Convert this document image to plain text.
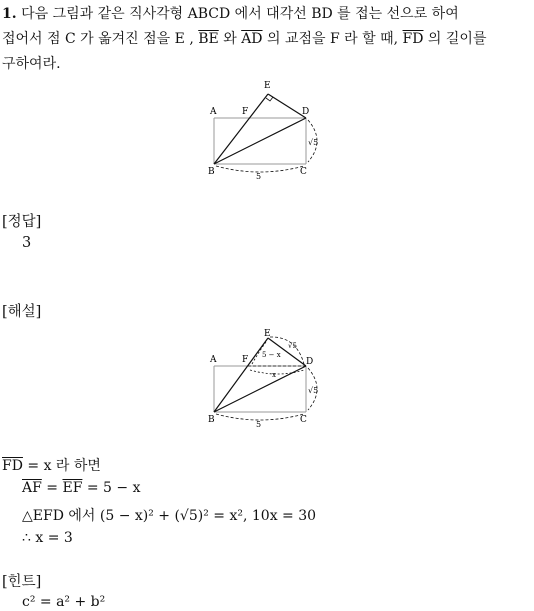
1. 다음 그림과 같은 직사각형 ABCD 에서 대각선 BD 를 접는 선으로 하여
접어서 점 C 가 옮겨진 점을 E , $\overline{BE}$ 와 $\overline{AD}$ 의 교점을 F 라 할 때, $\overline{FD}$ 의 길이를
구하여라.
E
A	F	D
B	C
5
√5
[정답]
3
[해설]
E
A	F	D
B	C
5
√5
√5
5 − x
x
$\overline{FD} = x$ 라 하면
$\overline{AF} = \overline{EF} = 5 - x$
△EFD 에서 (5 − x)² + (√5)² = x², 10x = 30
∴ x = 3
[힌트]
c² = a² + b²
